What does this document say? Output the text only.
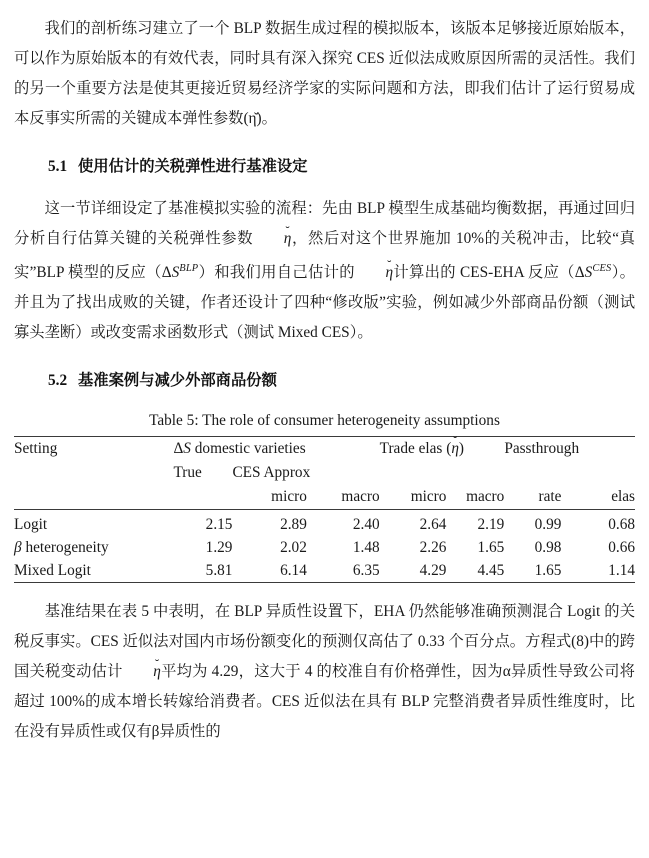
我们的剖析练习建立了一个 BLP 数据生成过程的模拟版本，该版本足够接近原始版本，可以作为原始版本的有效代表，同时具有深入探究 CES 近似法成败原因所需的灵活性。我们的另一个重要方法是使其更接近贸易经济学家的实际问题和方法，即我们估计了运行贸易成本反事实所需的关键成本弹性参数(η̆)。

5.1 使用估计的关税弹性进行基准设定

这一节详细设定了基准模拟实验的流程：先由 BLP 模型生成基础均衡数据，再通过回归分析自行估算关键的关税弹性参数 ˘ η，然后对这个世界施加 10%的关税冲击，比较“真实”BLP 模型的反应$(\Delta S^{BLP})$和我们用自己估计的 ˘ η计算出的 CES-EHA 反应$(\Delta S^{CES})$。并且为了找出成败的关键，作者还设计了四种“修改版”实验，例如减少外部商品份额（测试寡头垄断）或改变需求函数形式（测试 Mixed CES）。

5.2 基准案例与减少外部商品份额
Table 5: The role of consumer heterogeneity assumptions
Setting	ΔS domestic varieties			Trade elas (˘ η)		Passthrough	
	True	CES Approx					
		micro	macro	micro	macro	rate	elas

Logit	2.15	2.89	2.40	2.64	2.19	0.99	0.68
β heterogeneity	1.29	2.02	1.48	2.26	1.65	0.98	0.66
Mixed Logit	5.81	6.14	6.35	4.29	4.45	1.65	1.14

基准结果在表 5 中表明，在 BLP 异质性设置下，EHA 仍然能够准确预测混合 Logit 的关税反事实。CES 近似法对国内市场份额变化的预测仅高估了 0.33 个百分点。方程式(8)中的跨国关税变动估计 ˘ η平均为 4.29，这大于 4 的校准自有价格弹性，因为α异质性导致公司将超过 100%的成本增长转嫁给消费者。CES 近似法在具有 BLP 完整消费者异质性维度时，比在没有异质性或仅有β异质性的
